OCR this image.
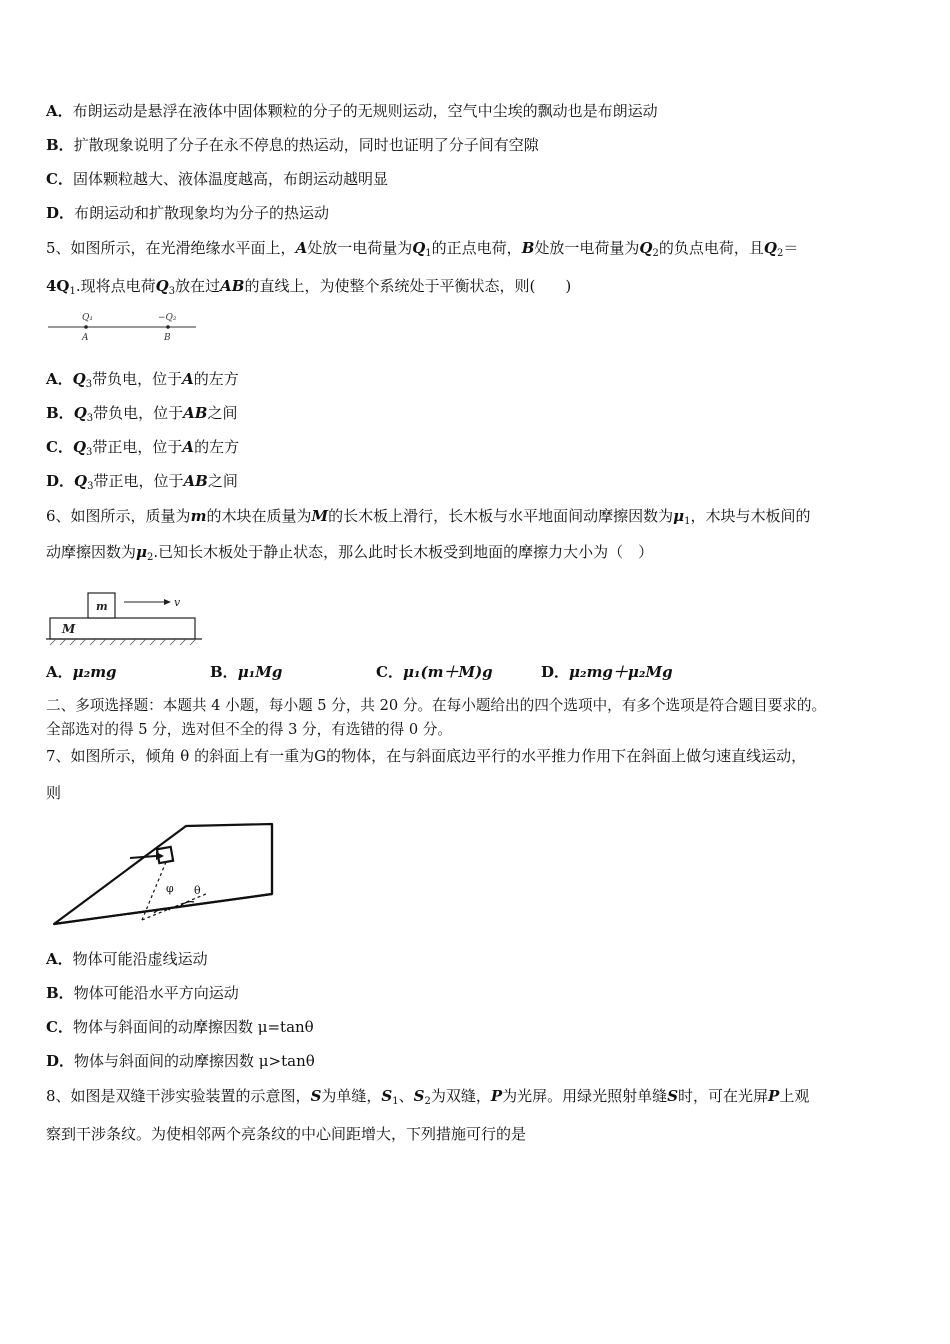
A．布朗运动是悬浮在液体中固体颗粒的分子的无规则运动，空气中尘埃的飘动也是布朗运动
B．扩散现象说明了分子在永不停息的热运动，同时也证明了分子间有空隙
C．固体颗粒越大、液体温度越高，布朗运动越明显
D．布朗运动和扩散现象均为分子的热运动
5、如图所示，在光滑绝缘水平面上，A处放一电荷量为$Q_1$的正点电荷，B处放一电荷量为$Q_2$的负点电荷，且$Q_2=$
$4Q_1$.现将点电荷$Q_3$放在过AB的直线上，为使整个系统处于平衡状态，则(　　)
Q₁	−Q₂
A	B
A．$Q_3$带负电，位于A的左方
B．$Q_3$带负电，位于AB之间
C．$Q_3$带正电，位于A的左方
D．$Q_3$带正电，位于AB之间
6、如图所示，质量为m的木块在质量为M的长木板上滑行，长木板与水平地面间动摩擦因数为$\mu_1$，木块与木板间的
动摩擦因数为$\mu_2$.已知长木板处于静止状态，那么此时长木板受到地面的摩擦力大小为（　）
v
m
M
A．μ₂mg	B．μ₁Mg	C．μ₁(m＋M)g	D．μ₂mg＋μ₂Mg
二、多项选择题：本题共 4 小题，每小题 5 分，共 20 分。在每小题给出的四个选项中，有多个选项是符合题目要求的。
全部选对的得 5 分，选对但不全的得 3 分，有选错的得 0 分。
7、如图所示，倾角 θ 的斜面上有一重为G的物体，在与斜面底边平行的水平推力作用下在斜面上做匀速直线运动，
则
φ θ
A．物体可能沿虚线运动
B．物体可能沿水平方向运动
C．物体与斜面间的动摩擦因数 μ=tanθ
D．物体与斜面间的动摩擦因数 μ>tanθ
8、如图是双缝干涉实验装置的示意图，S为单缝，$S_1$、$S_2$为双缝，P为光屏。用绿光照射单缝S时，可在光屏P上观
察到干涉条纹。为使相邻两个亮条纹的中心间距增大，下列措施可行的是
